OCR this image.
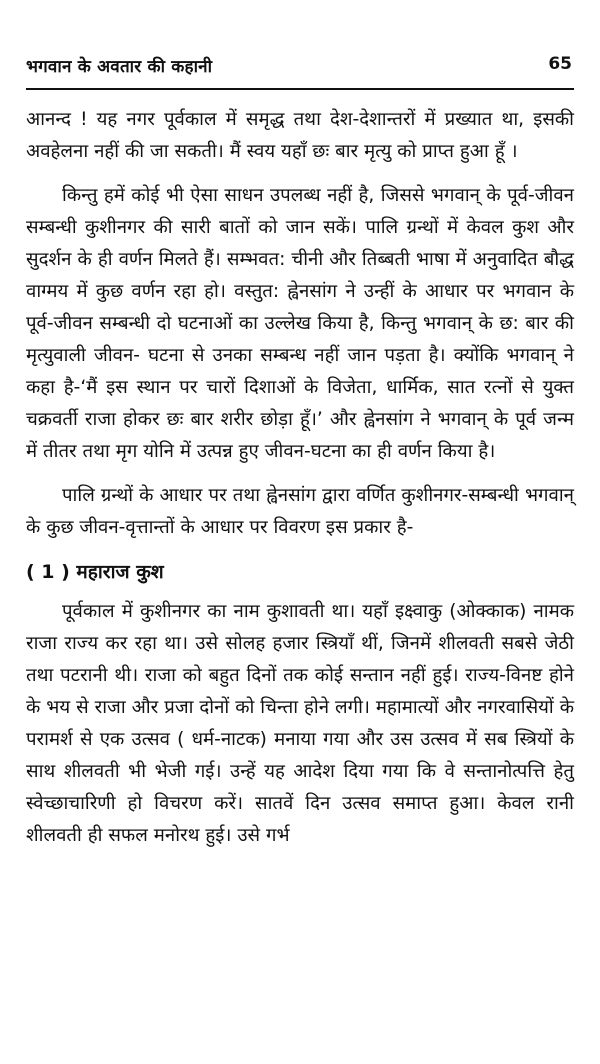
भगवान के अवतार की कहानी	65

आनन्द ! यह नगर पूर्वकाल में समृद्ध तथा देश-देशान्तरों में प्रख्यात था, इसकी अवहेलना नहीं की जा सकती। मैं स्वय यहाँ छः बार मृत्यु को प्राप्त हुआ हूँ ।

किन्तु हमें कोई भी ऐसा साधन उपलब्ध नहीं है, जिससे भगवान् के पूर्व-जीवन सम्बन्धी कुशीनगर की सारी बातों को जान सकें। पालि ग्रन्थों में केवल कुश और सुदर्शन के ही वर्णन मिलते हैं। सम्भवत: चीनी और तिब्बती भाषा में अनुवादित बौद्ध वाग्मय में कुछ वर्णन रहा हो। वस्तुत: ह्वेनसांग ने उन्हीं के आधार पर भगवान के पूर्व-जीवन सम्बन्धी दो घटनाओं का उल्लेख किया है, किन्तु भगवान् के छ: बार की मृत्युवाली जीवन- घटना से उनका सम्बन्ध नहीं जान पड़ता है। क्योंकि भगवान् ने कहा है-‘मैं इस स्थान पर चारों दिशाओं के विजेता, धार्मिक, सात रत्नों से युक्त चक्रवर्ती राजा होकर छः बार शरीर छोड़ा हूँ।’ और ह्वेनसांग ने भगवान् के पूर्व जन्म में तीतर तथा मृग योनि में उत्पन्न हुए जीवन-घटना का ही वर्णन किया है।

पालि ग्रन्थों के आधार पर तथा ह्वेनसांग द्वारा वर्णित कुशीनगर-सम्बन्धी भगवान् के कुछ जीवन-वृत्तान्तों के आधार पर विवरण इस प्रकार है-

( 1 ) महाराज कुश

पूर्वकाल में कुशीनगर का नाम कुशावती था। यहाँ इक्ष्वाकु (ओक्काक) नामक राजा राज्य कर रहा था। उसे सोलह हजार स्त्रियाँ थीं, जिनमें शीलवती सबसे जेठी तथा पटरानी थी। राजा को बहुत दिनों तक कोई सन्तान नहीं हुई। राज्य-विनष्ट होने के भय से राजा और प्रजा दोनों को चिन्ता होने लगी। महामात्यों और नगरवासियों के परामर्श से एक उत्सव ( धर्म-नाटक) मनाया गया और उस उत्सव में सब स्त्रियों के साथ शीलवती भी भेजी गई। उन्हें यह आदेश दिया गया कि वे सन्तानोत्पत्ति हेतु स्वेच्छाचारिणी हो विचरण करें। सातवें दिन उत्सव समाप्त हुआ। केवल रानी शीलवती ही सफल मनोरथ हुई। उसे गर्भ
